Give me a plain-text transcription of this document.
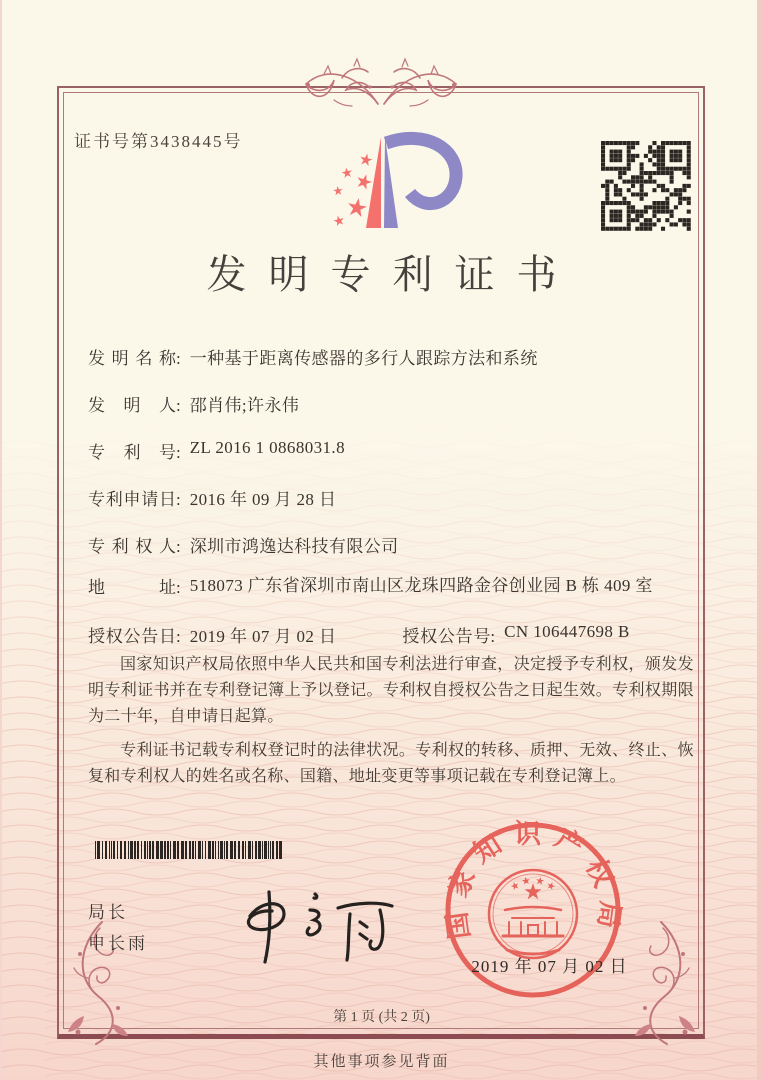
证书号第3438445号
发明专利证书
发明名称: 一种基于距离传感器的多行人跟踪方法和系统
发明人: 邵肖伟;许永伟
专利号: ZL 2016 1 0868031.8
专利申请日: 2016 年 09 月 28 日
专利权人: 深圳市鸿逸达科技有限公司
地址: 518073 广东省深圳市南山区龙珠四路金谷创业园 B 栋 409 室
授权公告日: 2019 年 07 月 02 日	授权公告号: CN 106447698 B

国家知识产权局依照中华人民共和国专利法进行审查，决定授予专利权，颁发发明专利证书并在专利登记簿上予以登记。专利权自授权公告之日起生效。专利权期限为二十年，自申请日起算。

专利证书记载专利权登记时的法律状况。专利权的转移、质押、无效、终止、恢复和专利权人的姓名或名称、国籍、地址变更等事项记载在专利登记簿上。

局长
申长雨
国家知识产权局
2019 年 07 月 02 日
第 1 页 (共 2 页)
其他事项参见背面
